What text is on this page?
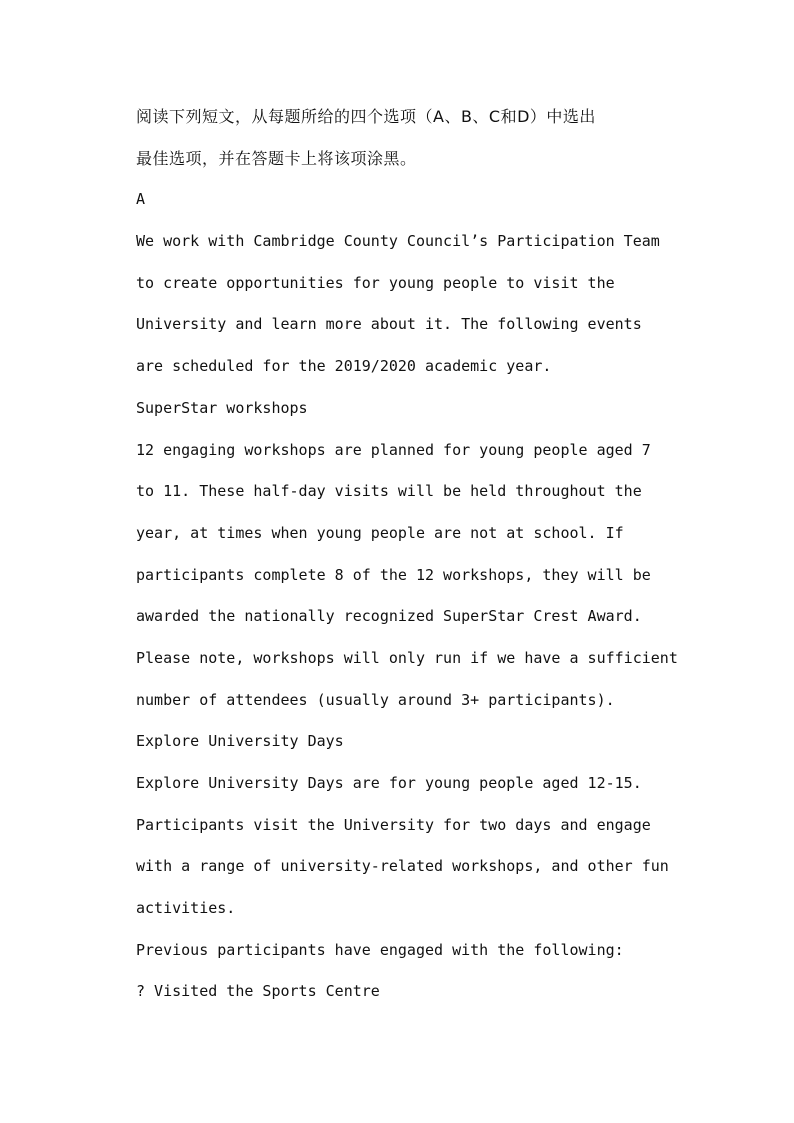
阅读下列短文，从每题所给的四个选项（A、B、C和D）中选出
最佳选项，并在答题卡上将该项涂黑。
A
We work with Cambridge County Council’s Participation Team
to create opportunities for young people to visit the
University and learn more about it. The following events
are scheduled for the 2019/2020 academic year.
SuperStar workshops
12 engaging workshops are planned for young people aged 7
to 11. These half-day visits will be held throughout the
year, at times when young people are not at school. If
participants complete 8 of the 12 workshops, they will be
awarded the nationally recognized SuperStar Crest Award.
Please note, workshops will only run if we have a sufficient
number of attendees (usually around 3+ participants).
Explore University Days
Explore University Days are for young people aged 12-15.
Participants visit the University for two days and engage
with a range of university-related workshops, and other fun
activities.
Previous participants have engaged with the following:
? Visited the Sports Centre
